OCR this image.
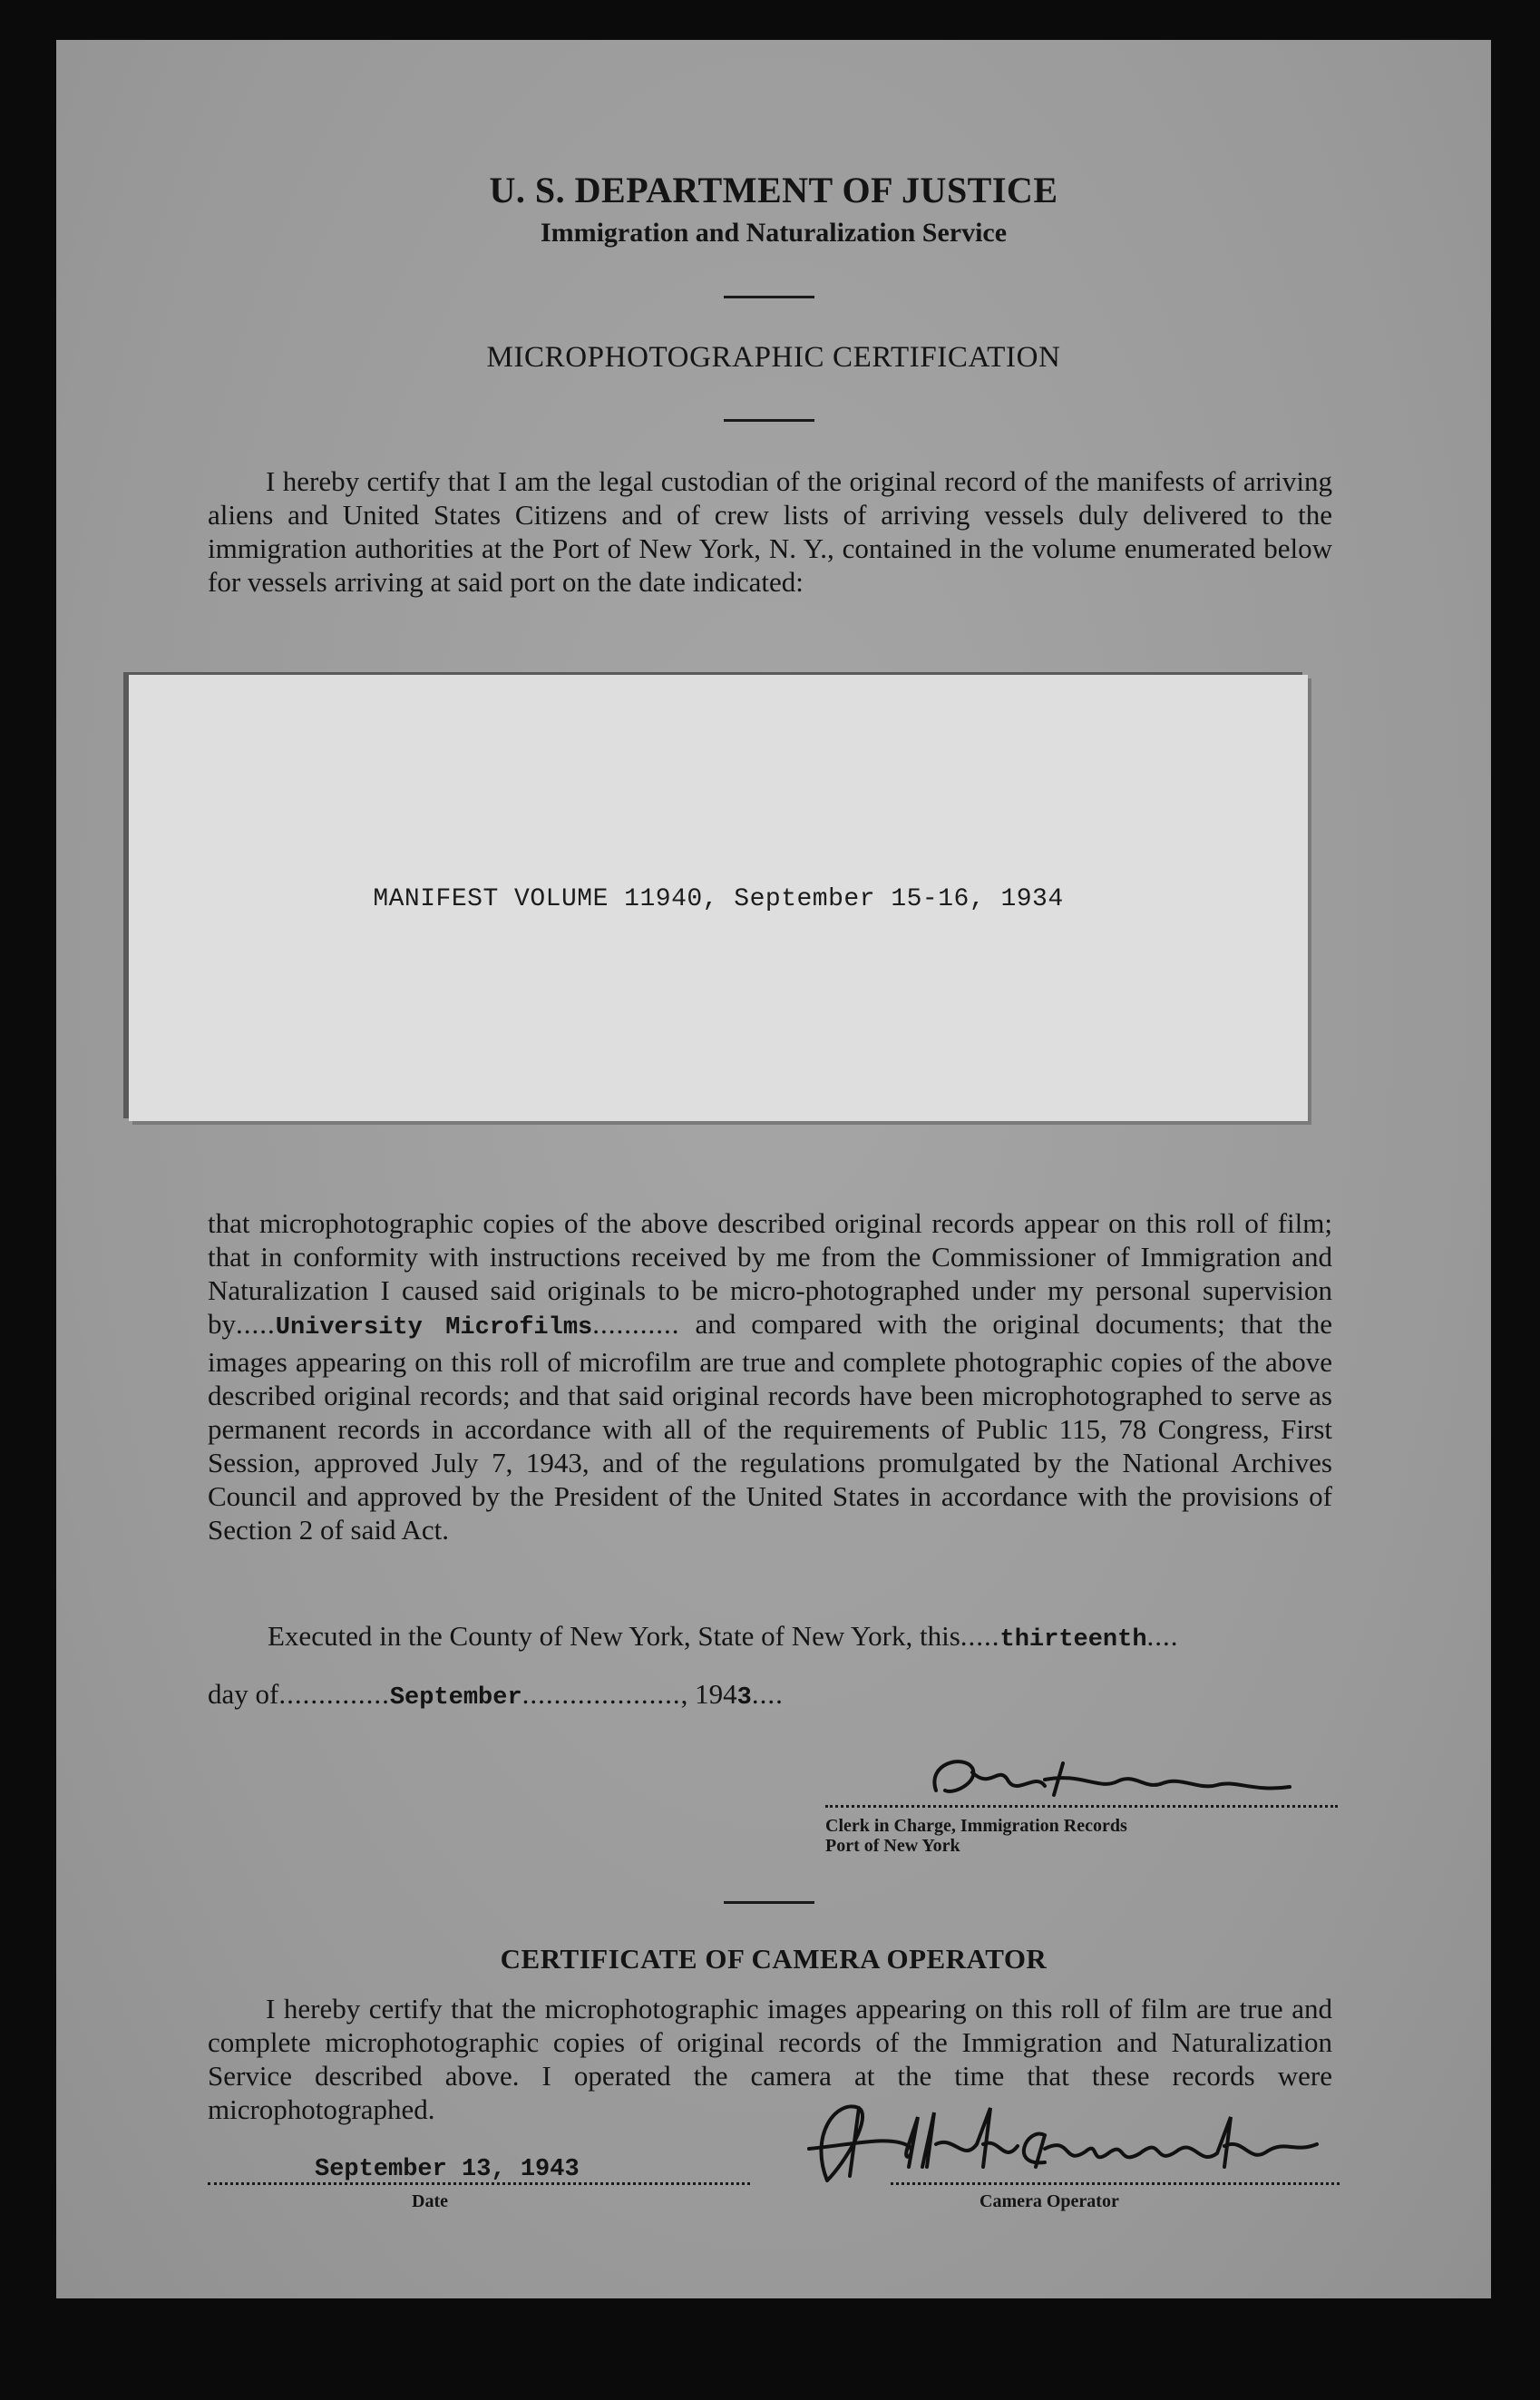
U. S. DEPARTMENT OF JUSTICE
Immigration and Naturalization Service
MICROPHOTOGRAPHIC CERTIFICATION

I hereby certify that I am the legal custodian of the original record of the manifests of arriving aliens and United States Citizens and of crew lists of arriving vessels duly delivered to the immigration authorities at the Port of New York, N. Y., contained in the volume enumerated below for vessels arriving at said port on the date indicated:

MANIFEST VOLUME 11940, September 15-16, 1934

that microphotographic copies of the above described original records appear on this roll of film; that in conformity with instructions received by me from the Commissioner of Immigration and Naturalization I caused said originals to be micro-photographed under my personal supervision by.....University Microfilms........... and compared with the original documents; that the images appearing on this roll of microfilm are true and complete photographic copies of the above described original records; and that said original records have been microphotographed to serve as permanent records in accordance with all of the requirements of Public 115, 78 Congress, First Session, approved July 7, 1943, and of the regulations promulgated by the National Archives Council and approved by the President of the United States in accordance with the provisions of Section 2 of said Act.

Executed in the County of New York, State of New York, this.....thirteenth....
day of..............September...................., 1943....
Clerk in Charge, Immigration Records
Port of New York
CERTIFICATE OF CAMERA OPERATOR

I hereby certify that the microphotographic images appearing on this roll of film are true and complete microphotographic copies of original records of the Immigration and Naturalization Service described above. I operated the camera at the time that these records were microphotographed.

September 13, 1943
Date	Camera Operator
